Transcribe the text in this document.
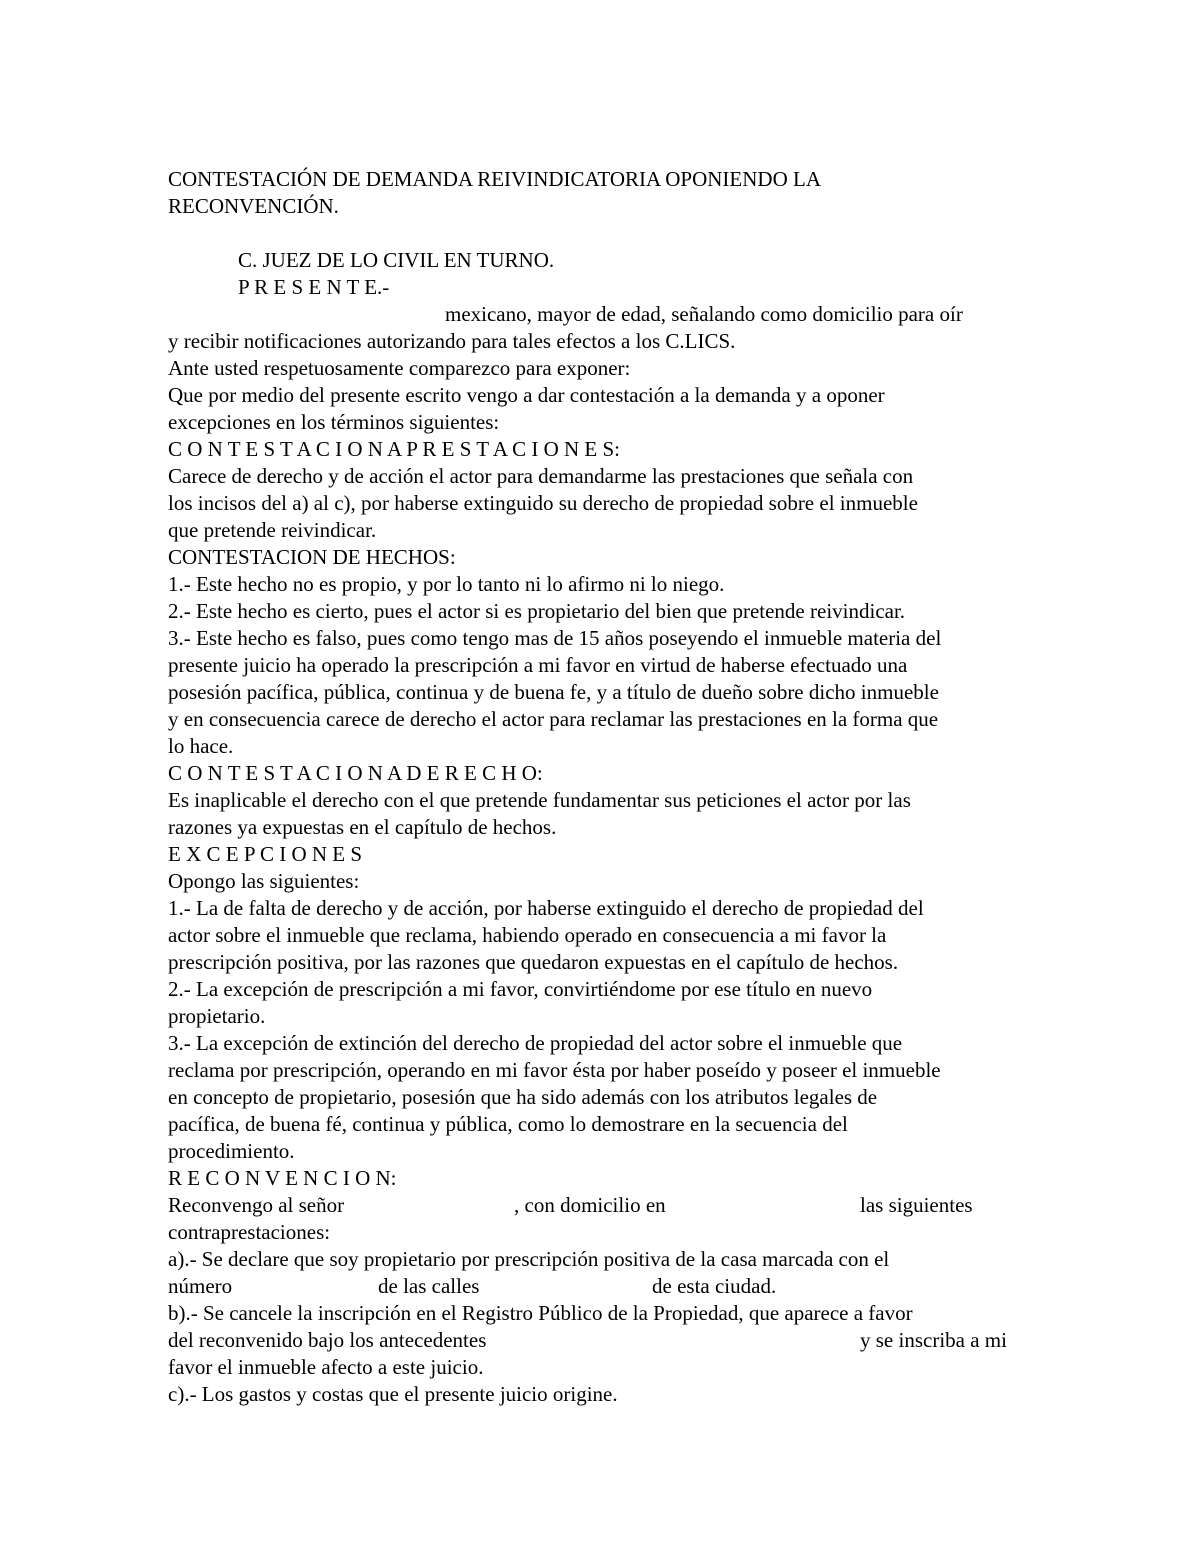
CONTESTACIÓN DE DEMANDA REIVINDICATORIA OPONIENDO LA
RECONVENCIÓN.
C. JUEZ DE LO CIVIL EN TURNO.
P R E S E N T E.-
mexicano, mayor de edad, señalando como domicilio para oír
y recibir notificaciones autorizando para tales efectos a los C.LICS.
Ante usted respetuosamente comparezco para exponer:
Que por medio del presente escrito vengo a dar contestación a la demanda y a oponer
excepciones en los términos siguientes:
C O N T E S T A C I O N A P R E S T A C I O N E S:
Carece de derecho y de acción el actor para demandarme las prestaciones que señala con
los incisos del a) al c), por haberse extinguido su derecho de propiedad sobre el inmueble
que pretende reivindicar.
CONTESTACION DE HECHOS:
1.- Este hecho no es propio, y por lo tanto ni lo afirmo ni lo niego.
2.- Este hecho es cierto, pues el actor si es propietario del bien que pretende reivindicar.
3.- Este hecho es falso, pues como tengo mas de 15 años poseyendo el inmueble materia del
presente juicio ha operado la prescripción a mi favor en virtud de haberse efectuado una
posesión pacífica, pública, continua y de buena fe, y a título de dueño sobre dicho inmueble
y en consecuencia carece de derecho el actor para reclamar las prestaciones en la forma que
lo hace.
C O N T E S T A C I O N A D E R E C H O:
Es inaplicable el derecho con el que pretende fundamentar sus peticiones el actor por las
razones ya expuestas en el capítulo de hechos.
E X C E P C I O N E S
Opongo las siguientes:
1.- La de falta de derecho y de acción, por haberse extinguido el derecho de propiedad del
actor sobre el inmueble que reclama, habiendo operado en consecuencia a mi favor la
prescripción positiva, por las razones que quedaron expuestas en el capítulo de hechos.
2.- La excepción de prescripción a mi favor, convirtiéndome por ese título en nuevo
propietario.
3.- La excepción de extinción del derecho de propiedad del actor sobre el inmueble que
reclama por prescripción, operando en mi favor ésta por haber poseído y poseer el inmueble
en concepto de propietario, posesión que ha sido además con los atributos legales de
pacífica, de buena fé, continua y pública, como lo demostrare en la secuencia del
procedimiento.
R E C O N V E N C I O N:

Reconvengo al señor

	, con domicilio en

	las siguientes

contraprestaciones:
a).- Se declare que soy propietario por prescripción positiva de la casa marcada con el

número

	de las calles

	de esta ciudad.

b).- Se cancele la inscripción en el Registro Público de la Propiedad, que aparece a favor

del reconvenido bajo los antecedentes

	y se inscriba a mi

favor el inmueble afecto a este juicio.
c).- Los gastos y costas que el presente juicio origine.
